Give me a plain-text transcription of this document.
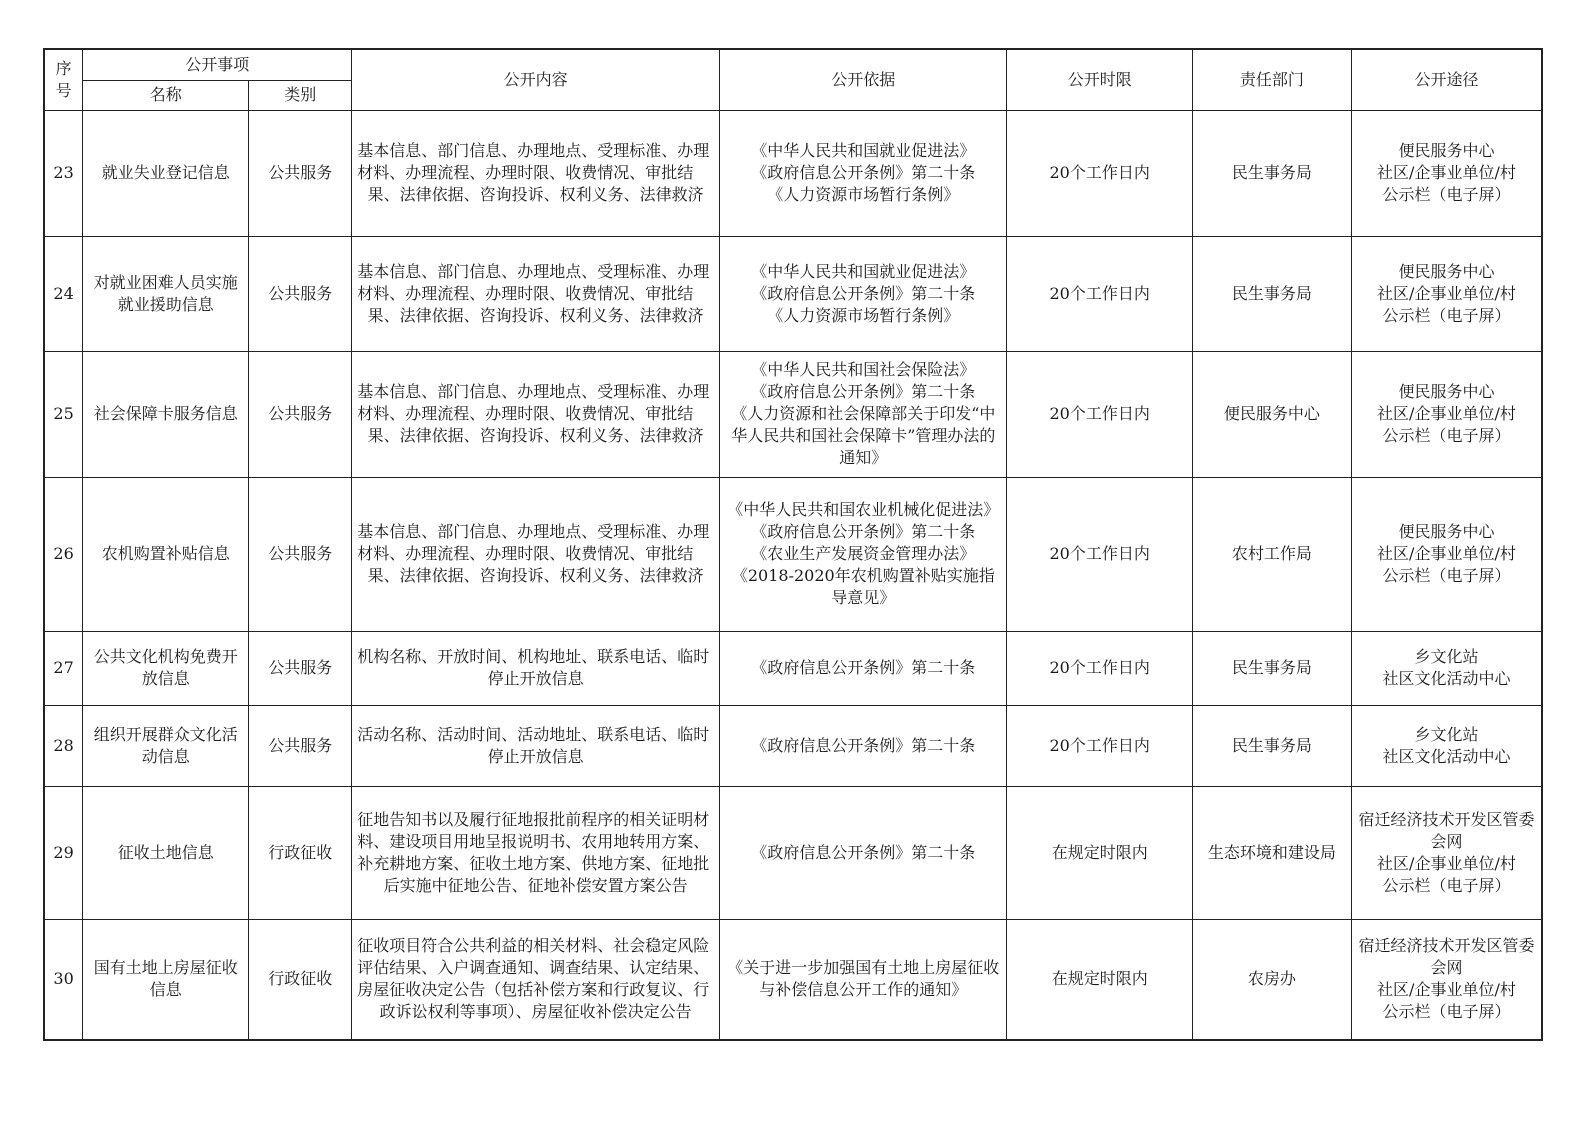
序号	公开事项		公开内容	公开依据	公开时限	责任部门	公开途径
	名称	类别					
23	就业失业登记信息	公共服务	基本信息、部门信息、办理地点、受理标准、办理材料、办理流程、办理时限、收费情况、审批结果、法律依据、咨询投诉、权利义务、法律救济	《中华人民共和国就业促进法》
《政府信息公开条例》第二十条
《人力资源市场暂行条例》	20个工作日内	民生事务局	便民服务中心
社区/企事业单位/村
公示栏（电子屏）

24	对就业困难人员实施就业援助信息	公共服务	基本信息、部门信息、办理地点、受理标准、办理材料、办理流程、办理时限、收费情况、审批结果、法律依据、咨询投诉、权利义务、法律救济	《中华人民共和国就业促进法》
《政府信息公开条例》第二十条
《人力资源市场暂行条例》	20个工作日内	民生事务局	便民服务中心
社区/企事业单位/村
公示栏（电子屏）

25	社会保障卡服务信息	公共服务	基本信息、部门信息、办理地点、受理标准、办理材料、办理流程、办理时限、收费情况、审批结果、法律依据、咨询投诉、权利义务、法律救济	《中华人民共和国社会保险法》
《政府信息公开条例》第二十条
《人力资源和社会保障部关于印发“中华人民共和国社会保障卡”管理办法的通知》	20个工作日内	便民服务中心	便民服务中心
社区/企事业单位/村
公示栏（电子屏）

26	农机购置补贴信息	公共服务	基本信息、部门信息、办理地点、受理标准、办理材料、办理流程、办理时限、收费情况、审批结果、法律依据、咨询投诉、权利义务、法律救济	《中华人民共和国农业机械化促进法》
《政府信息公开条例》第二十条
《农业生产发展资金管理办法》
《2018-2020年农机购置补贴实施指导意见》	20个工作日内	农村工作局	便民服务中心
社区/企事业单位/村
公示栏（电子屏）

27	公共文化机构免费开放信息	公共服务	机构名称、开放时间、机构地址、联系电话、临时停止开放信息	《政府信息公开条例》第二十条	20个工作日内	民生事务局	乡文化站
社区文化活动中心

28	组织开展群众文化活动信息	公共服务	活动名称、活动时间、活动地址、联系电话、临时停止开放信息	《政府信息公开条例》第二十条	20个工作日内	民生事务局	乡文化站
社区文化活动中心

29	征收土地信息	行政征收	征地告知书以及履行征地报批前程序的相关证明材料、建设项目用地呈报说明书、农用地转用方案、补充耕地方案、征收土地方案、供地方案、征地批后实施中征地公告、征地补偿安置方案公告	《政府信息公开条例》第二十条	在规定时限内	生态环境和建设局	宿迁经济技术开发区管委会网
社区/企事业单位/村
公示栏（电子屏）

30	国有土地上房屋征收信息	行政征收	征收项目符合公共利益的相关材料、社会稳定风险评估结果、入户调查通知、调查结果、认定结果、房屋征收决定公告（包括补偿方案和行政复议、行政诉讼权利等事项）、房屋征收补偿决定公告	《关于进一步加强国有土地上房屋征收与补偿信息公开工作的通知》	在规定时限内	农房办	宿迁经济技术开发区管委会网
社区/企事业单位/村
公示栏（电子屏）
